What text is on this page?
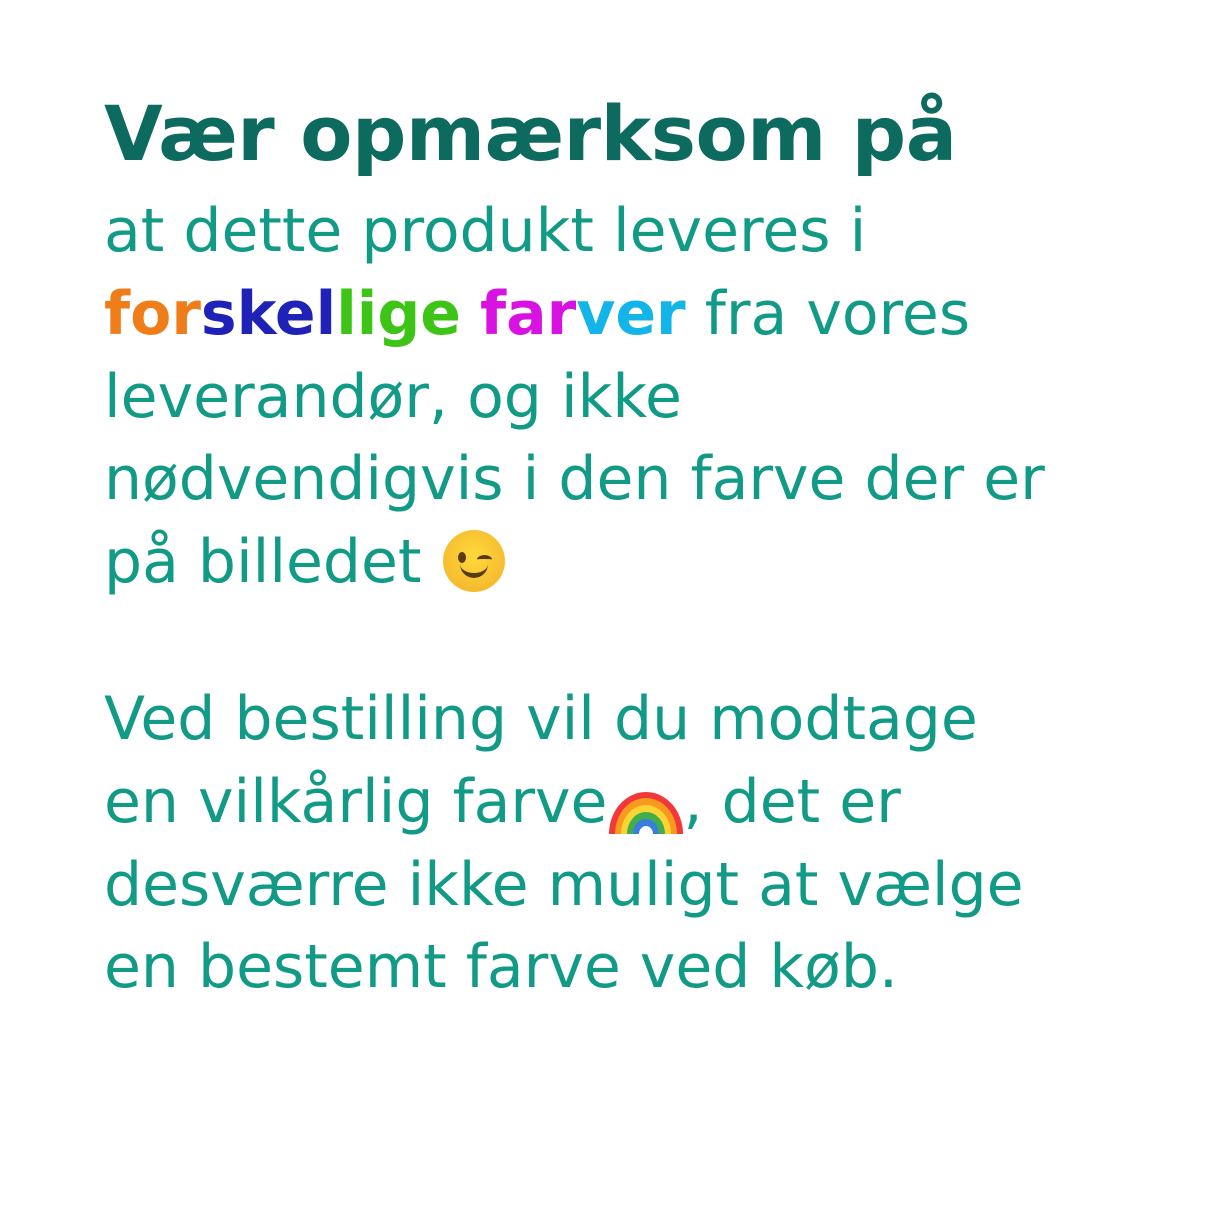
Vær opmærksom på
at dette produkt leveres i
forskellige farver fra vores
leverandør, og ikke
nødvendigvis i den farve der er
på billedet
Ved bestilling vil du modtage
en vilkårlig farve , det er
desværre ikke muligt at vælge
en bestemt farve ved køb.
